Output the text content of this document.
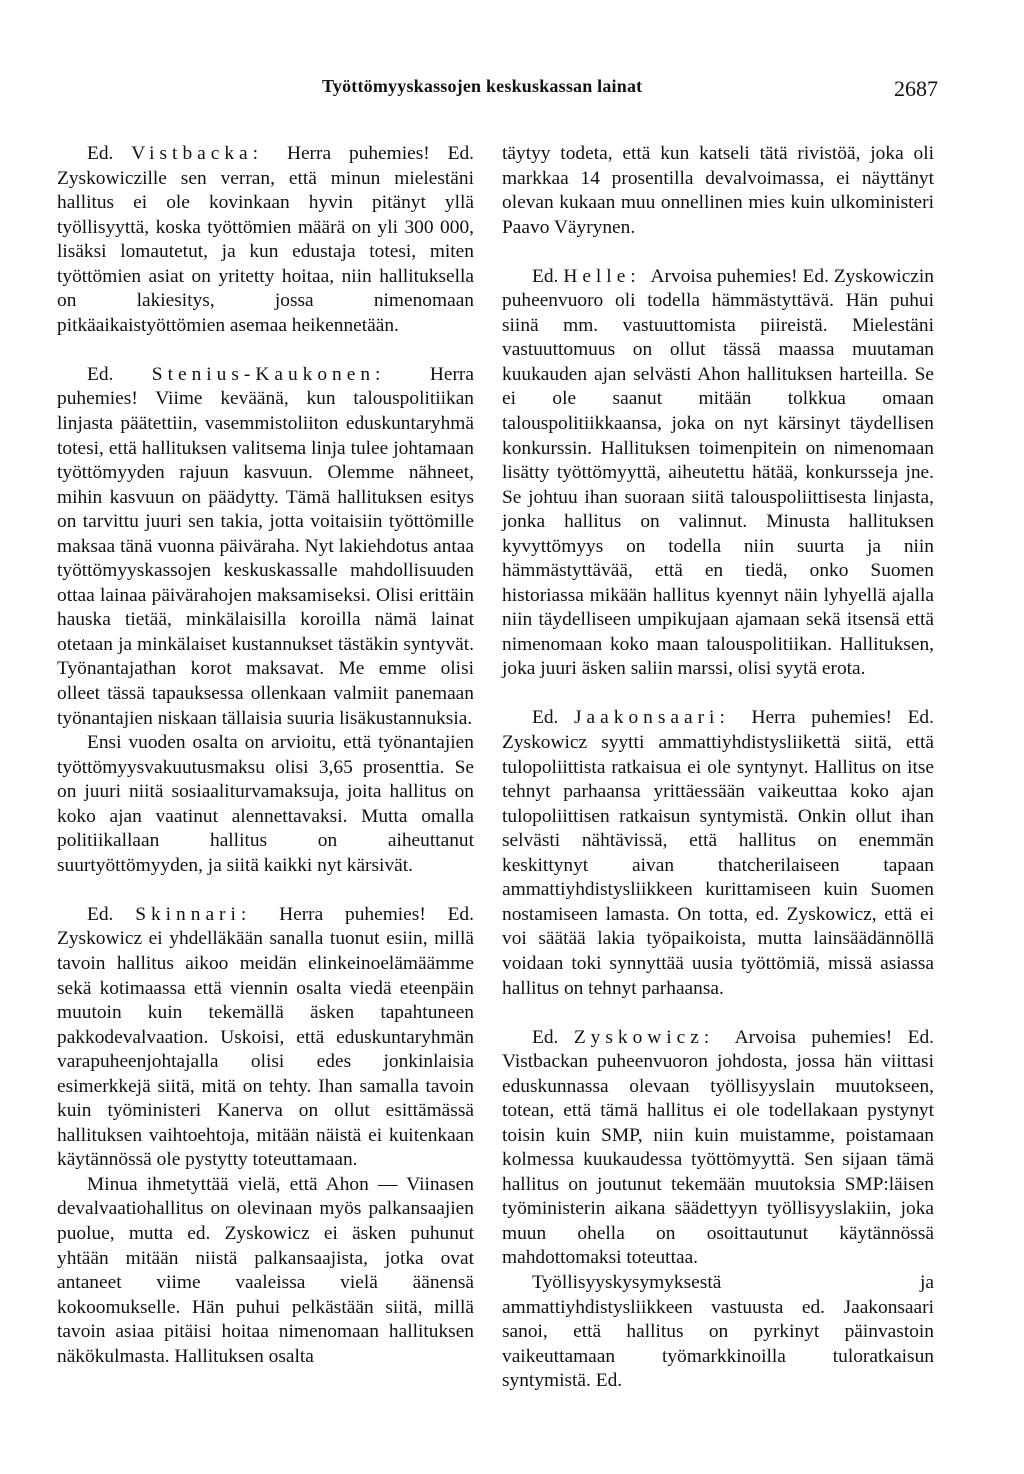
Työttömyyskassojen keskuskassan lainat	2687

Ed. Vistbacka: Herra puhemies! Ed. Zyskowiczille sen verran, että minun mielestäni hallitus ei ole kovinkaan hyvin pitänyt yllä työllisyyttä, koska työttömien määrä on yli 300 000, lisäksi lomautetut, ja kun edustaja totesi, miten työttömien asiat on yritetty hoitaa, niin hallituksella on lakiesitys, jossa nimenomaan pitkäaikaistyöttömien asemaa heikennetään.

Ed. Stenius-Kaukonen: Herra puhemies! Viime keväänä, kun talouspolitiikan linjasta päätettiin, vasemmistoliiton eduskuntaryhmä totesi, että hallituksen valitsema linja tulee johtamaan työttömyyden rajuun kasvuun. Olemme nähneet, mihin kasvuun on päädytty. Tämä hallituksen esitys on tarvittu juuri sen takia, jotta voitaisiin työttömille maksaa tänä vuonna päiväraha. Nyt lakiehdotus antaa työttömyyskassojen keskuskassalle mahdollisuuden ottaa lainaa päivärahojen maksamiseksi. Olisi erittäin hauska tietää, minkälaisilla koroilla nämä lainat otetaan ja minkälaiset kustannukset tästäkin syntyvät. Työnantajathan korot maksavat. Me emme olisi olleet tässä tapauksessa ollenkaan valmiit panemaan työnantajien niskaan tällaisia suuria lisäkustannuksia.

Ensi vuoden osalta on arvioitu, että työnantajien työttömyysvakuutusmaksu olisi 3,65 prosenttia. Se on juuri niitä sosiaaliturvamaksuja, joita hallitus on koko ajan vaatinut alennettavaksi. Mutta omalla politiikallaan hallitus on aiheuttanut suurtyöttömyyden, ja siitä kaikki nyt kärsivät.

Ed. Skinnari: Herra puhemies! Ed. Zyskowicz ei yhdelläkään sanalla tuonut esiin, millä tavoin hallitus aikoo meidän elinkeinoelämäämme sekä kotimaassa että viennin osalta viedä eteenpäin muutoin kuin tekemällä äsken tapahtuneen pakkodevalvaation. Uskoisi, että eduskuntaryhmän varapuheenjohtajalla olisi edes jonkinlaisia esimerkkejä siitä, mitä on tehty. Ihan samalla tavoin kuin työministeri Kanerva on ollut esittämässä hallituksen vaihtoehtoja, mitään näistä ei kuitenkaan käytännössä ole pystytty toteuttamaan.

Minua ihmetyttää vielä, että Ahon — Viinasen devalvaatiohallitus on olevinaan myös palkansaajien puolue, mutta ed. Zyskowicz ei äsken puhunut yhtään mitään niistä palkansaajista, jotka ovat antaneet viime vaaleissa vielä äänensä kokoomukselle. Hän puhui pelkästään siitä, millä tavoin asiaa pitäisi hoitaa nimenomaan hallituksen näkökulmasta. Hallituksen osalta

täytyy todeta, että kun katseli tätä rivistöä, joka oli markkaa 14 prosentilla devalvoimassa, ei näyttänyt olevan kukaan muu onnellinen mies kuin ulkoministeri Paavo Väyrynen.

Ed. Helle: Arvoisa puhemies! Ed. Zyskowiczin puheenvuoro oli todella hämmästyttävä. Hän puhui siinä mm. vastuuttomista piireistä. Mielestäni vastuuttomuus on ollut tässä maassa muutaman kuukauden ajan selvästi Ahon hallituksen harteilla. Se ei ole saanut mitään tolkkua omaan talouspolitiikkaansa, joka on nyt kärsinyt täydellisen konkurssin. Hallituksen toimenpitein on nimenomaan lisätty työttömyyttä, aiheutettu hätää, konkursseja jne. Se johtuu ihan suoraan siitä talouspoliittisesta linjasta, jonka hallitus on valinnut. Minusta hallituksen kyvyttömyys on todella niin suurta ja niin hämmästyttävää, että en tiedä, onko Suomen historiassa mikään hallitus kyennyt näin lyhyellä ajalla niin täydelliseen umpikujaan ajamaan sekä itsensä että nimenomaan koko maan talouspolitiikan. Hallituksen, joka juuri äsken saliin marssi, olisi syytä erota.

Ed. Jaakonsaari: Herra puhemies! Ed. Zyskowicz syytti ammattiyhdistysliikettä siitä, että tulopoliittista ratkaisua ei ole syntynyt. Hallitus on itse tehnyt parhaansa yrittäessään vaikeuttaa koko ajan tulopoliittisen ratkaisun syntymistä. Onkin ollut ihan selvästi nähtävissä, että hallitus on enemmän keskittynyt aivan thatcherilaiseen tapaan ammattiyhdistysliikkeen kurittamiseen kuin Suomen nostamiseen lamasta. On totta, ed. Zyskowicz, että ei voi säätää lakia työpaikoista, mutta lainsäädännöllä voidaan toki synnyttää uusia työttömiä, missä asiassa hallitus on tehnyt parhaansa.

Ed. Zyskowicz: Arvoisa puhemies! Ed. Vistbackan puheenvuoron johdosta, jossa hän viittasi eduskunnassa olevaan työllisyyslain muutokseen, totean, että tämä hallitus ei ole todellakaan pystynyt toisin kuin SMP, niin kuin muistamme, poistamaan kolmessa kuukaudessa työttömyyttä. Sen sijaan tämä hallitus on joutunut tekemään muutoksia SMP:läisen työministerin aikana säädettyyn työllisyyslakiin, joka muun ohella on osoittautunut käytännössä mahdottomaksi toteuttaa.

Työllisyyskysymyksestä ja ammattiyhdistysliikkeen vastuusta ed. Jaakonsaari sanoi, että hallitus on pyrkinyt päinvastoin vaikeuttamaan työmarkkinoilla tuloratkaisun syntymistä. Ed.
